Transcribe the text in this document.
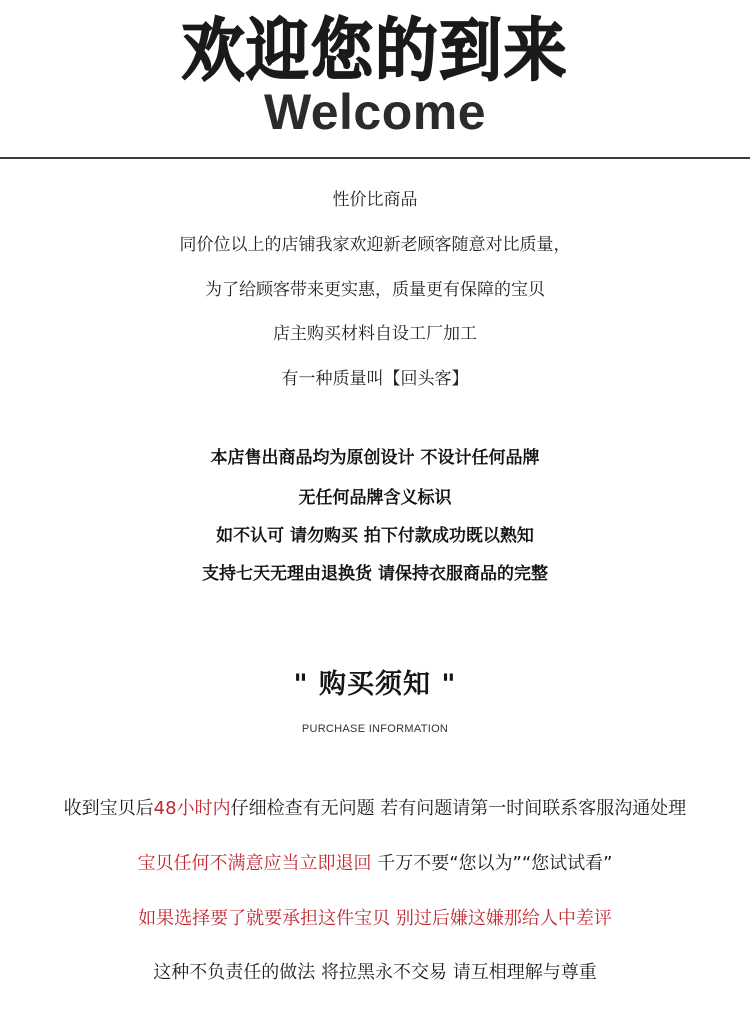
欢迎您的到来
Welcome
性价比商品
同价位以上的店铺我家欢迎新老顾客随意对比质量，
为了给顾客带来更实惠，质量更有保障的宝贝
店主购买材料自设工厂加工
有一种质量叫【回头客】
本店售出商品均为原创设计 不设计任何品牌
无任何品牌含义标识
如不认可 请勿购买 拍下付款成功既以熟知
支持七天无理由退换货 请保持衣服商品的完整
" 购买须知 "
PURCHASE INFORMATION
收到宝贝后48小时内仔细检查有无问题 若有问题请第一时间联系客服沟通处理
宝贝任何不满意应当立即退回 千万不要“您以为”“您试试看”
如果选择要了就要承担这件宝贝 别过后嫌这嫌那给人中差评
这种不负责任的做法 将拉黑永不交易 请互相理解与尊重
